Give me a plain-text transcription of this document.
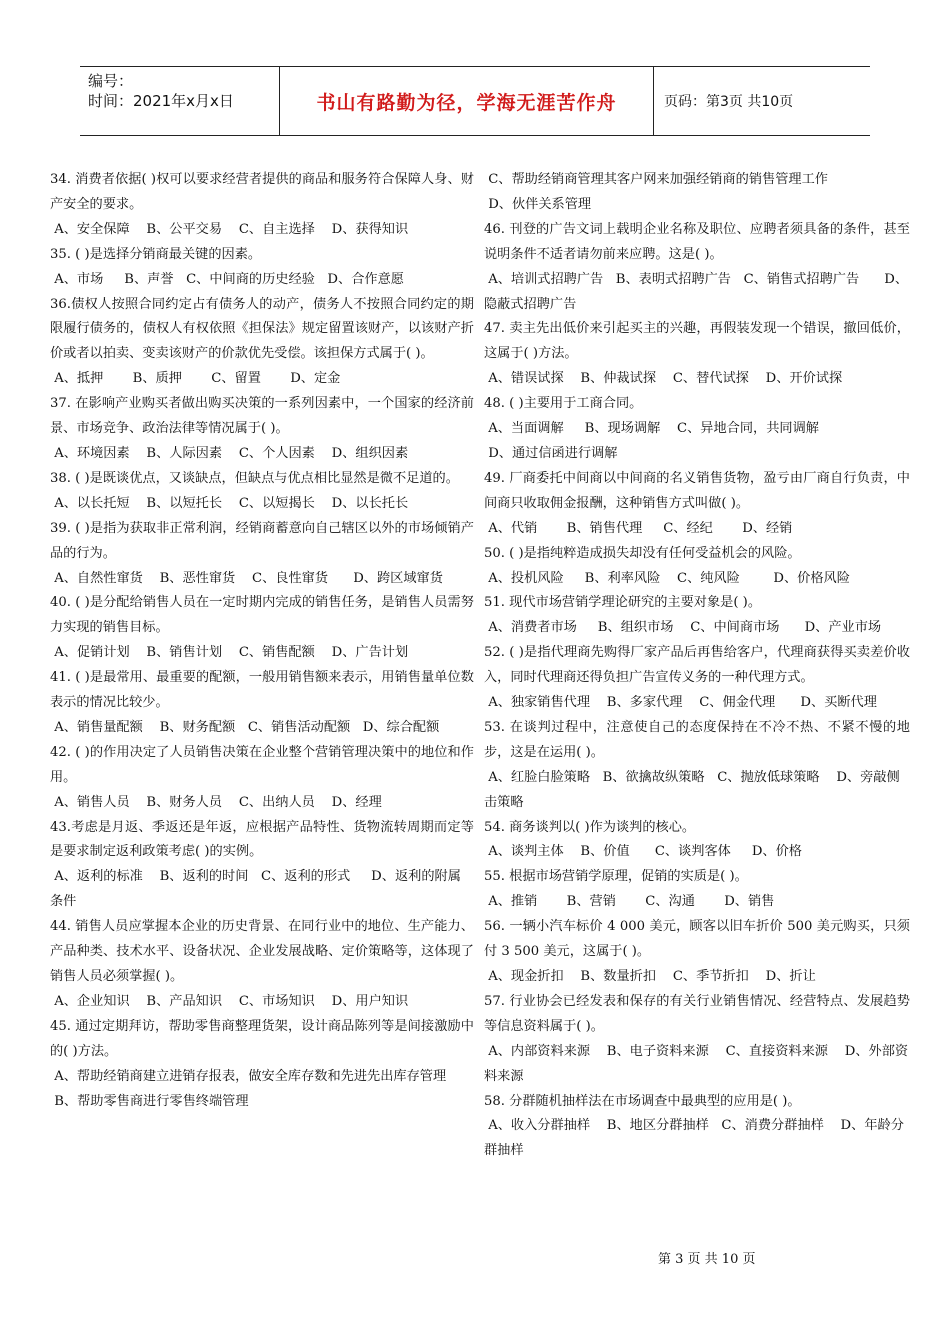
编号：
时间：2021年x月x日	书山有路勤为径，学海无涯苦作舟	页码：第3页 共10页
34. 消费者依据( )权可以要求经营者提供的商品和服务符合保障人身、财产安全的要求。
A、安全保障    B、公平交易    C、自主选择    D、获得知识
35. ( )是选择分销商最关键的因素。
A、市场     B、声誉   C、中间商的历史经验   D、合作意愿
36.债权人按照合同约定占有债务人的动产，债务人不按照合同约定的期限履行债务的，债权人有权依照《担保法》规定留置该财产，以该财产折价或者以拍卖、变卖该财产的价款优先受偿。该担保方式属于( )。
A、抵押       B、质押       C、留置       D、定金
37. 在影响产业购买者做出购买决策的一系列因素中，一个国家的经济前景、市场竞争、政治法律等情况属于( )。
A、环境因素    B、人际因素    C、个人因素    D、组织因素
38. ( )是既谈优点，又谈缺点，但缺点与优点相比显然是微不足道的。
A、以长托短    B、以短托长    C、以短揭长    D、以长托长
39. ( )是指为获取非正常利润，经销商蓄意向自己辖区以外的市场倾销产品的行为。
A、自然性窜货    B、恶性窜货    C、良性窜货      D、跨区域窜货
40. ( )是分配给销售人员在一定时期内完成的销售任务，是销售人员需努力实现的销售目标。
A、促销计划    B、销售计划    C、销售配额    D、广告计划
41. ( )是最常用、最重要的配额，一般用销售额来表示，用销售量单位数表示的情况比较少。
A、销售量配额    B、财务配额   C、销售活动配额   D、综合配额
42. ( )的作用决定了人员销售决策在企业整个营销管理决策中的地位和作用。
A、销售人员    B、财务人员    C、出纳人员    D、经理
43.考虑是月返、季返还是年返，应根据产品特性、货物流转周期而定等是要求制定返利政策考虑( )的实例。
A、返利的标准    B、返利的时间   C、返利的形式     D、返利的附属条件
44. 销售人员应掌握本企业的历史背景、在同行业中的地位、生产能力、产品种类、技术水平、设备状况、企业发展战略、定价策略等，这体现了销售人员必须掌握( )。
A、企业知识    B、产品知识    C、市场知识    D、用户知识
45. 通过定期拜访，帮助零售商整理货架，设计商品陈列等是间接激励中的( )方法。
A、帮助经销商建立进销存报表，做安全库存数和先进先出库存管理
B、帮助零售商进行零售终端管理
C、帮助经销商管理其客户网来加强经销商的销售管理工作
D、伙伴关系管理
46. 刊登的广告文词上载明企业名称及职位、应聘者须具备的条件，甚至说明条件不适者请勿前来应聘。这是( )。
A、培训式招聘广告   B、表明式招聘广告   C、销售式招聘广告      D、隐蔽式招聘广告
47. 卖主先出低价来引起买主的兴趣，再假装发现一个错误，撤回低价，这属于( )方法。
A、错误试探    B、仲裁试探    C、替代试探    D、开价试探
48. ( )主要用于工商合同。
A、当面调解     B、现场调解    C、异地合同，共同调解
D、通过信函进行调解
49. 厂商委托中间商以中间商的名义销售货物，盈亏由厂商自行负责，中间商只收取佣金报酬，这种销售方式叫做( )。
A、代销       B、销售代理     C、经纪       D、经销
50. ( )是指纯粹造成损失却没有任何受益机会的风险。
A、投机风险     B、利率风险    C、纯风险        D、价格风险
51. 现代市场营销学理论研究的主要对象是( )。
A、消费者市场     B、组织市场    C、中间商市场      D、产业市场
52. ( )是指代理商先购得厂家产品后再售给客户，代理商获得买卖差价收入，同时代理商还得负担广告宣传义务的一种代理方式。
A、独家销售代理    B、多家代理    C、佣金代理      D、买断代理
53. 在谈判过程中，注意使自己的态度保持在不冷不热、不紧不慢的地步，这是在运用( )。
A、红脸白脸策略   B、欲擒故纵策略   C、抛放低球策略    D、旁敲侧击策略
54. 商务谈判以( )作为谈判的核心。
A、谈判主体    B、价值      C、谈判客体     D、价格
55. 根据市场营销学原理，促销的实质是( )。
A、推销       B、营销       C、沟通       D、销售
56. 一辆小汽车标价 4 000 美元，顾客以旧车折价 500 美元购买，只须付 3 500 美元，这属于( )。
A、现金折扣    B、数量折扣    C、季节折扣    D、折让
57. 行业协会已经发表和保存的有关行业销售情况、经营特点、发展趋势等信息资料属于( )。
A、内部资料来源    B、电子资料来源    C、直接资料来源    D、外部资料来源
58. 分群随机抽样法在市场调查中最典型的应用是( )。
A、收入分群抽样    B、地区分群抽样   C、消费分群抽样    D、年龄分群抽样
第 3 页 共 10 页
